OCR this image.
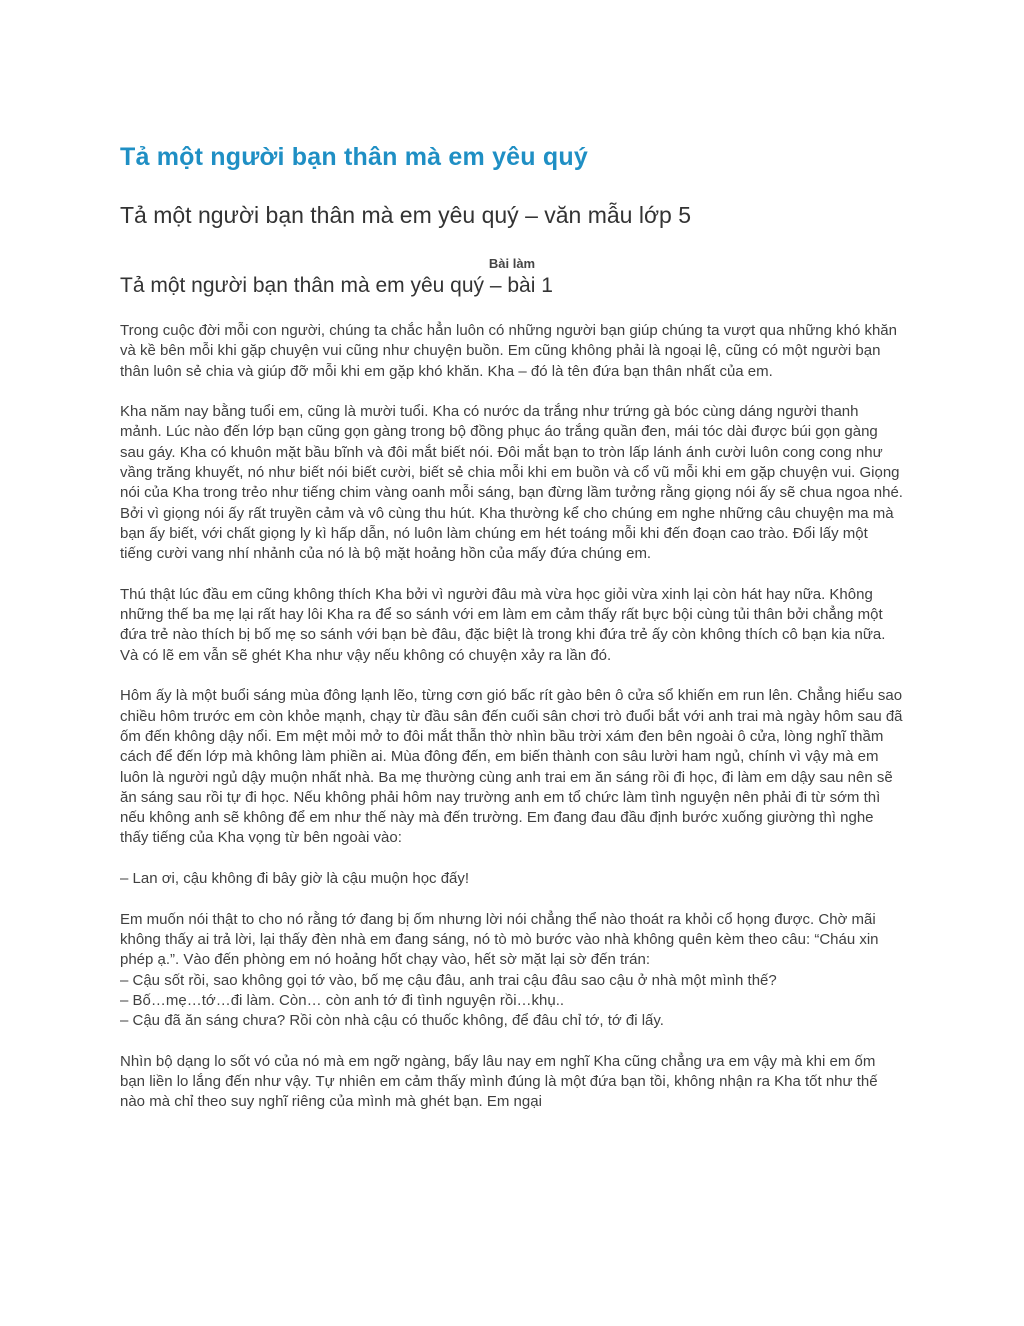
Tả một người bạn thân mà em yêu quý
Tả một người bạn thân mà em yêu quý – văn mẫu lớp 5
Bài làm
Tả một người bạn thân mà em yêu quý – bài 1

Trong cuộc đời mỗi con người, chúng ta chắc hẳn luôn có những người bạn giúp chúng ta vượt qua những khó khăn và kề bên mỗi khi gặp chuyện vui cũng như chuyện buồn. Em cũng không phải là ngoại lệ, cũng có một người bạn thân luôn sẻ chia và giúp đỡ mỗi khi em gặp khó khăn. Kha – đó là tên đứa bạn thân nhất của em.

Kha năm nay bằng tuổi em, cũng là mười tuổi. Kha có nước da trắng như trứng gà bóc cùng dáng người thanh mảnh. Lúc nào đến lớp bạn cũng gọn gàng trong bộ đồng phục áo trắng quần đen, mái tóc dài được búi gọn gàng sau gáy. Kha có khuôn mặt bầu bĩnh và đôi mắt biết nói. Đôi mắt bạn to tròn lấp lánh ánh cười luôn cong cong như vầng trăng khuyết, nó như biết nói biết cười, biết sẻ chia mỗi khi em buồn và cổ vũ mỗi khi em gặp chuyện vui. Giọng nói của Kha trong trẻo như tiếng chim vàng oanh mỗi sáng, bạn đừng lầm tưởng rằng giọng nói ấy sẽ chua ngoa nhé. Bởi vì giọng nói ấy rất truyền cảm và vô cùng thu hút. Kha thường kể cho chúng em nghe những câu chuyện ma mà bạn ấy biết, với chất giọng ly kì hấp dẫn, nó luôn làm chúng em hét toáng mỗi khi đến đoạn cao trào. Đổi lấy một tiếng cười vang nhí nhảnh của nó là bộ mặt hoảng hồn của mấy đứa chúng em.

Thú thật lúc đầu em cũng không thích Kha bởi vì người đâu mà vừa học giỏi vừa xinh lại còn hát hay nữa. Không những thế ba mẹ lại rất hay lôi Kha ra để so sánh với em làm em cảm thấy rất bực bội cùng tủi thân bởi chẳng một đứa trẻ nào thích bị bố mẹ so sánh với bạn bè đâu, đặc biệt là trong khi đứa trẻ ấy còn không thích cô bạn kia nữa. Và có lẽ em vẫn sẽ ghét Kha như vậy nếu không có chuyện xảy ra lần đó.

Hôm ấy là một buổi sáng mùa đông lạnh lẽo, từng cơn gió bấc rít gào bên ô cửa sổ khiến em run lên. Chẳng hiểu sao chiều hôm trước em còn khỏe mạnh, chạy từ đầu sân đến cuối sân chơi trò đuổi bắt với anh trai mà ngày hôm sau đã ốm đến không dậy nổi. Em mệt mỏi mở to đôi mắt thẫn thờ nhìn bầu trời xám đen bên ngoài ô cửa, lòng nghĩ thầm cách để đến lớp mà không làm phiền ai. Mùa đông đến, em biến thành con sâu lười ham ngủ, chính vì vậy mà em luôn là người ngủ dậy muộn nhất nhà. Ba mẹ thường cùng anh trai em ăn sáng rồi đi học, đi làm em dậy sau nên sẽ ăn sáng sau rồi tự đi học. Nếu không phải hôm nay trường anh em tổ chức làm tình nguyện nên phải đi từ sớm thì nếu không anh sẽ không để em như thế này mà đến trường. Em đang đau đầu định bước xuống giường thì nghe thấy tiếng của Kha vọng từ bên ngoài vào:

– Lan ơi, cậu không đi bây giờ là cậu muộn học đấy!

Em muốn nói thật to cho nó rằng tớ đang bị ốm nhưng lời nói chẳng thể nào thoát ra khỏi cổ họng được. Chờ mãi không thấy ai trả lời, lại thấy đèn nhà em đang sáng, nó tò mò bước vào nhà không quên kèm theo câu: “Cháu xin phép ạ.”. Vào đến phòng em nó hoảng hốt chạy vào, hết sờ mặt lại sờ đến trán:

– Cậu sốt rồi, sao không gọi tớ vào, bố mẹ cậu đâu, anh trai cậu đâu sao cậu ở nhà một mình thế?

– Bố…mẹ…tớ…đi làm. Còn… còn anh tớ đi tình nguyện rồi…khụ..

– Cậu đã ăn sáng chưa? Rồi còn nhà cậu có thuốc không, để đâu chỉ tớ, tớ đi lấy.

Nhìn bộ dạng lo sốt vó của nó mà em ngỡ ngàng, bấy lâu nay em nghĩ Kha cũng chẳng ưa em vậy mà khi em ốm bạn liền lo lắng đến như vậy. Tự nhiên em cảm thấy mình đúng là một đứa bạn tồi, không nhận ra Kha tốt như thế nào mà chỉ theo suy nghĩ riêng của mình mà ghét bạn. Em ngại
